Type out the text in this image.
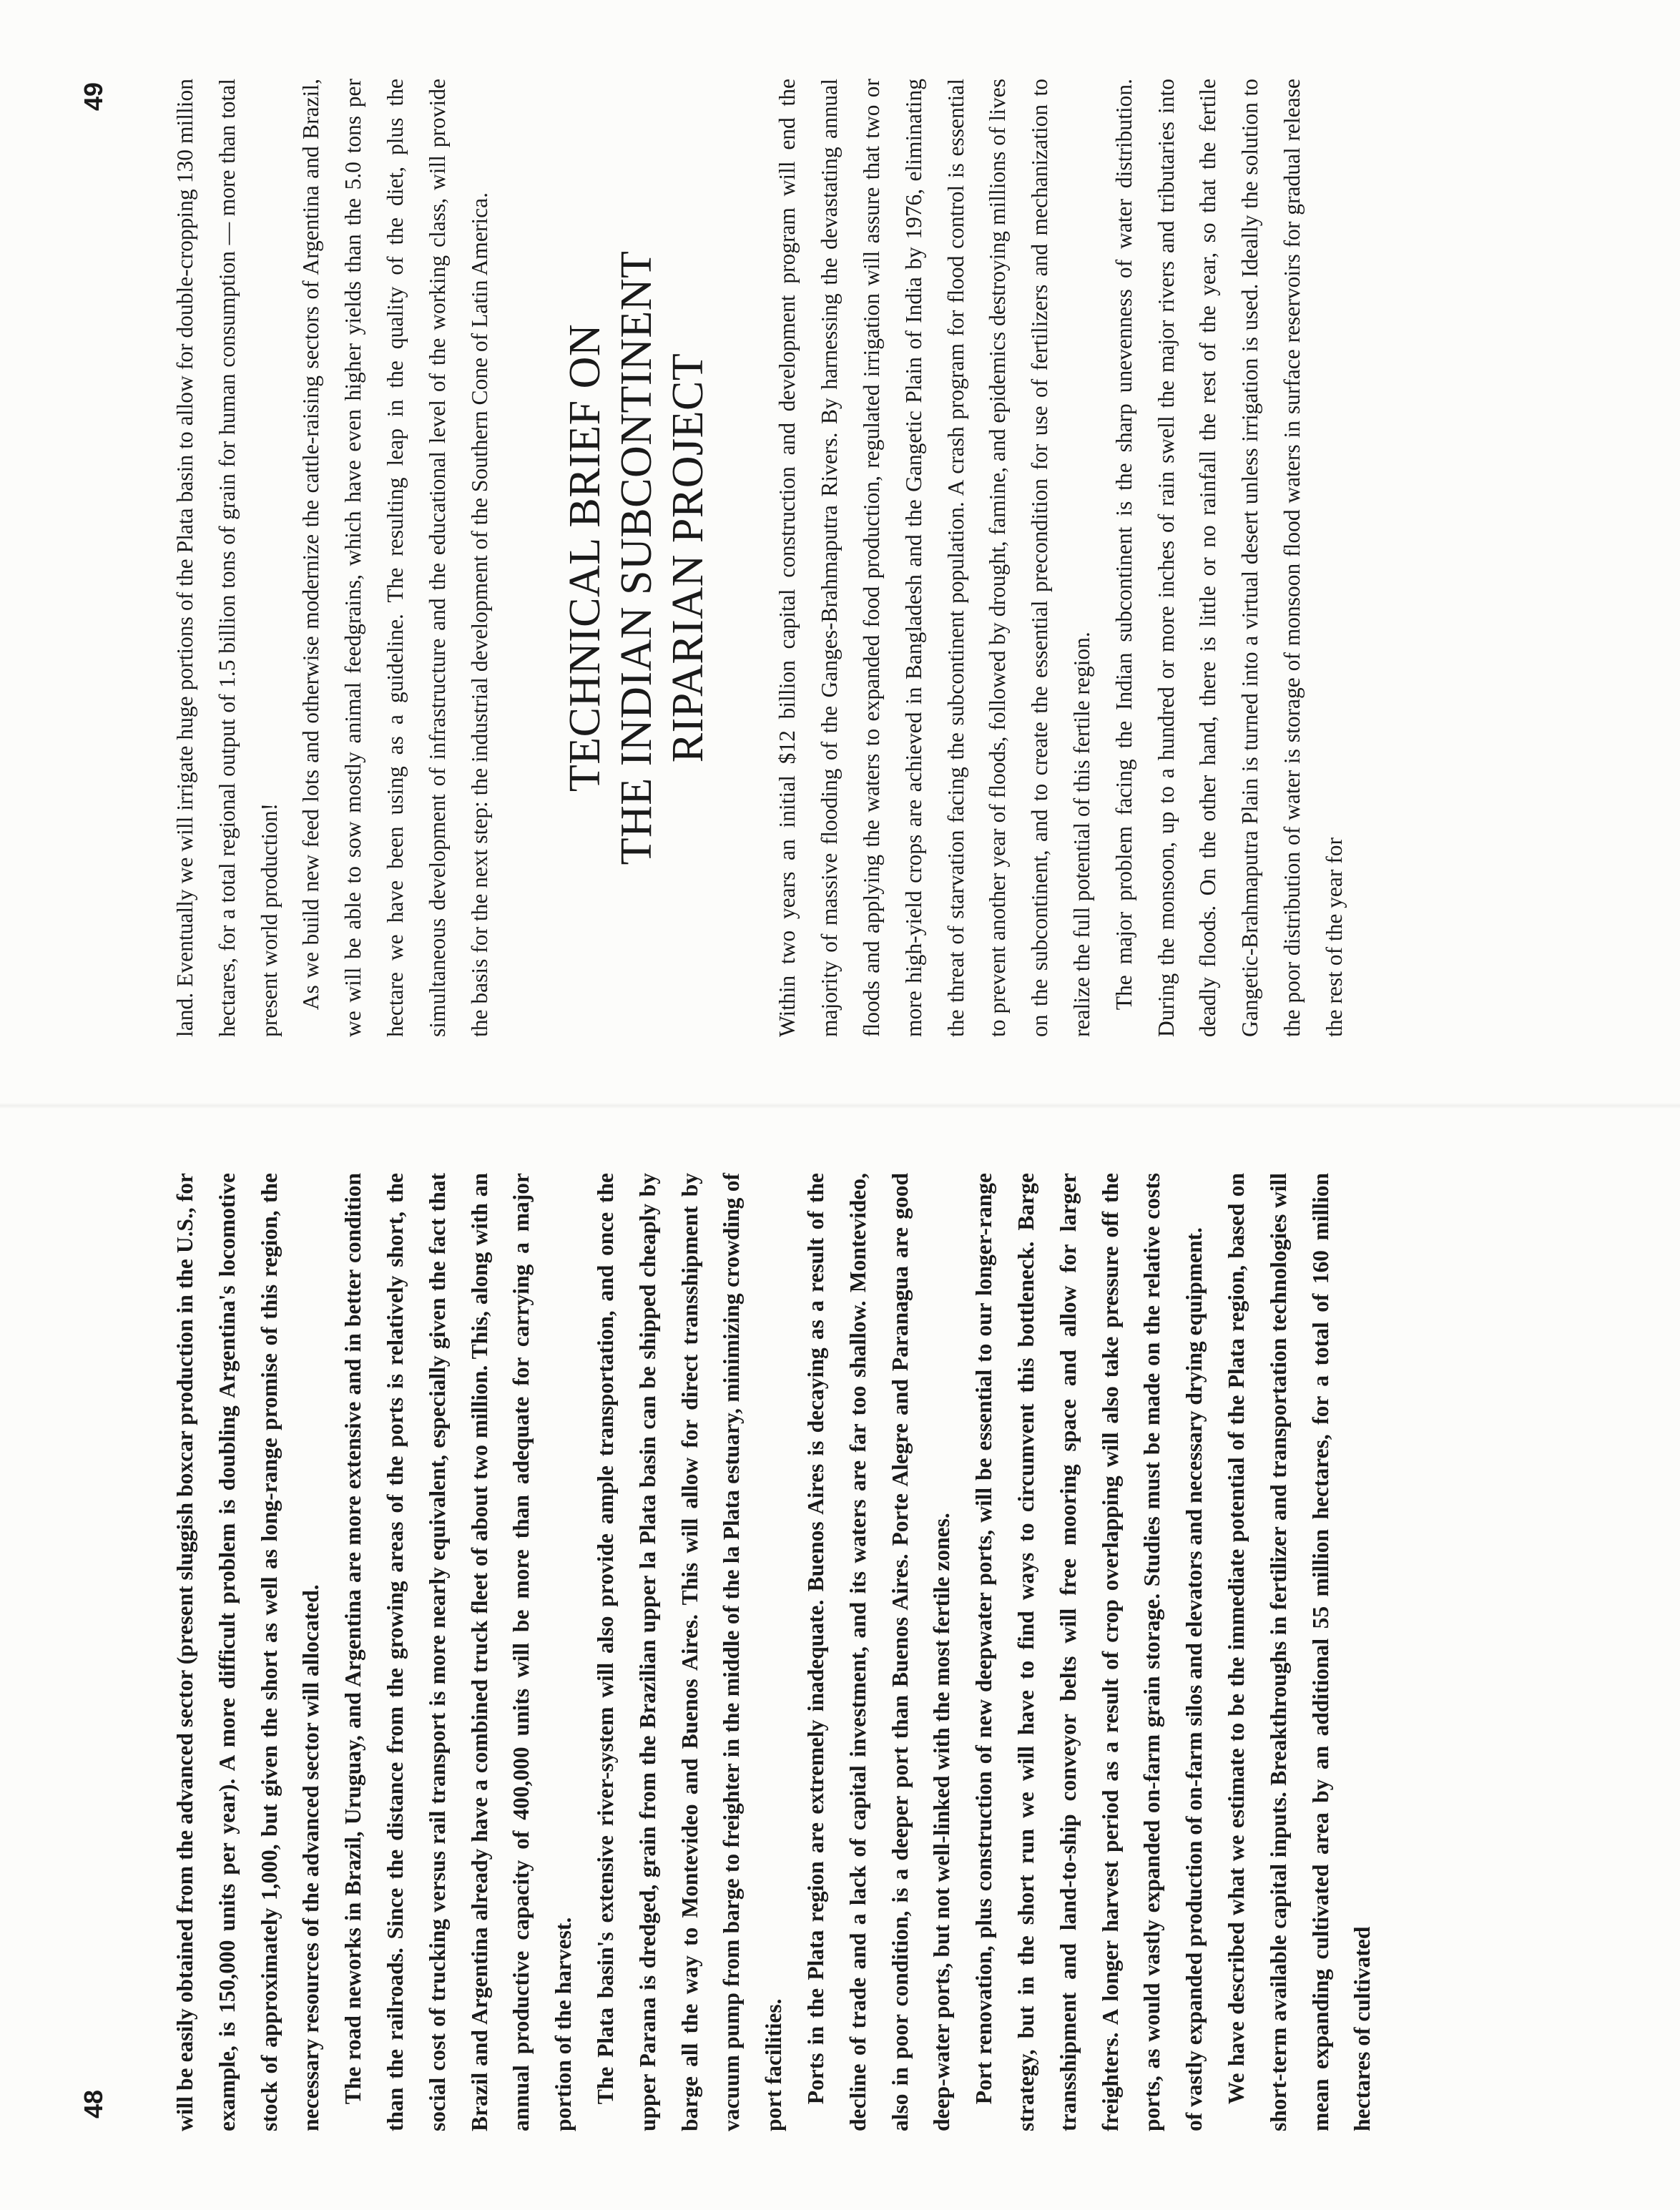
48	will be easily obtained from the advanced sector (present sluggish boxcar production in the U.S., for example, is 150,000 units per year). A more difficult problem is doubling Argentina's locomotive stock of approximately 1,000, but given the short as well as long-range promise of this region, the necessary resources of the advanced sector will allocated. The road neworks in Brazil, Uruguay, and Argentina are more extensive and in better condition than the railroads. Since the distance from the growing areas of the ports is relatively short, the social cost of trucking versus rail transport is more nearly equivalent, especially given the fact that Brazil and Argentina already have a combined truck fleet of about two million. This, along with an annual productive capacity of 400,000 units will be more than adequate for carrying a major portion of the harvest. The Plata basin's extensive river-system will also provide ample transportation, and once the upper Parana is dredged, grain from the Brazilian upper la Plata basin can be shipped cheaply by barge all the way to Montevideo and Buenos Aires. This will allow for direct transshipment by vacuum pump from barge to freighter in the middle of the la Plata estuary, minimizing crowding of port facilities. Ports in the Plata region are extremely inadequate. Buenos Aires is decaying as a result of the decline of trade and a lack of capital investment, and its waters are far too shallow. Montevideo, also in poor condition, is a deeper port than Buenos Aires. Porte Alegre and Paranagua are good deep-water ports, but not well-linked with the most fertile zones. Port renovation, plus construction of new deepwater ports, will be essential to our longer-range strategy, but in the short run we will have to find ways to circumvent this bottleneck. Barge transshipment and land-to-ship conveyor belts will free mooring space and allow for larger freighters. A longer harvest period as a result of crop overlapping will also take pressure off the ports, as would vastly expanded on-farm grain storage. Studies must be made on the relative costs of vastly expanded production of on-farm silos and elevators and necessary drying equipment. We have described what we estimate to be the immediate potential of the Plata region, based on short-term available capital inputs. Breakthroughs in fertilizer and transportation technologies will mean expanding cultivated area by an additional 55 million hectares, for a total of 160 million hectares of cultivated

49	land. Eventually we will irrigate huge portions of the Plata basin to allow for double-cropping 130 million hectares, for a total regional output of 1.5 billion tons of grain for human consumption — more than total present world production! As we build new feed lots and otherwise modernize the cattle-raising sectors of Argentina and Brazil, we will be able to sow mostly animal feedgrains, which have even higher yields than the 5.0 tons per hectare we have been using as a guideline. The resulting leap in the quality of the diet, plus the simultaneous development of infrastructure and the educational level of the working class, will provide the basis for the next step: the industrial development of the Southern Cone of Latin America. TECHNICAL BRIEF ON THE INDIAN SUBCONTINENT RIPARIAN PROJECT	Within two years an initial $12 billion capital construction and development program will end the majority of massive flooding of the Ganges-Brahmaputra Rivers. By harnessing the devastating annual floods and applying the waters to expanded food production, regulated irrigation will assure that two or more high-yield crops are achieved in Bangladesh and the Gangetic Plain of India by 1976, eliminating the threat of starvation facing the subcontinent population. A crash program for flood control is essential to prevent another year of floods, followed by drought, famine, and epidemics destroying millions of lives on the subcontinent, and to create the essential precondition for use of fertilizers and mechanization to realize the full potential of this fertile region. The major problem facing the Indian subcontinent is the sharp unevenness of water distribution. During the monsoon, up to a hundred or more inches of rain swell the major rivers and tributaries into deadly floods. On the other hand, there is little or no rainfall the rest of the year, so that the fertile Gangetic-Brahmaputra Plain is turned into a virtual desert unless irrigation is used. Ideally the solution to the poor distribution of water is storage of monsoon flood waters in surface reservoirs for gradual release the rest of the year for
